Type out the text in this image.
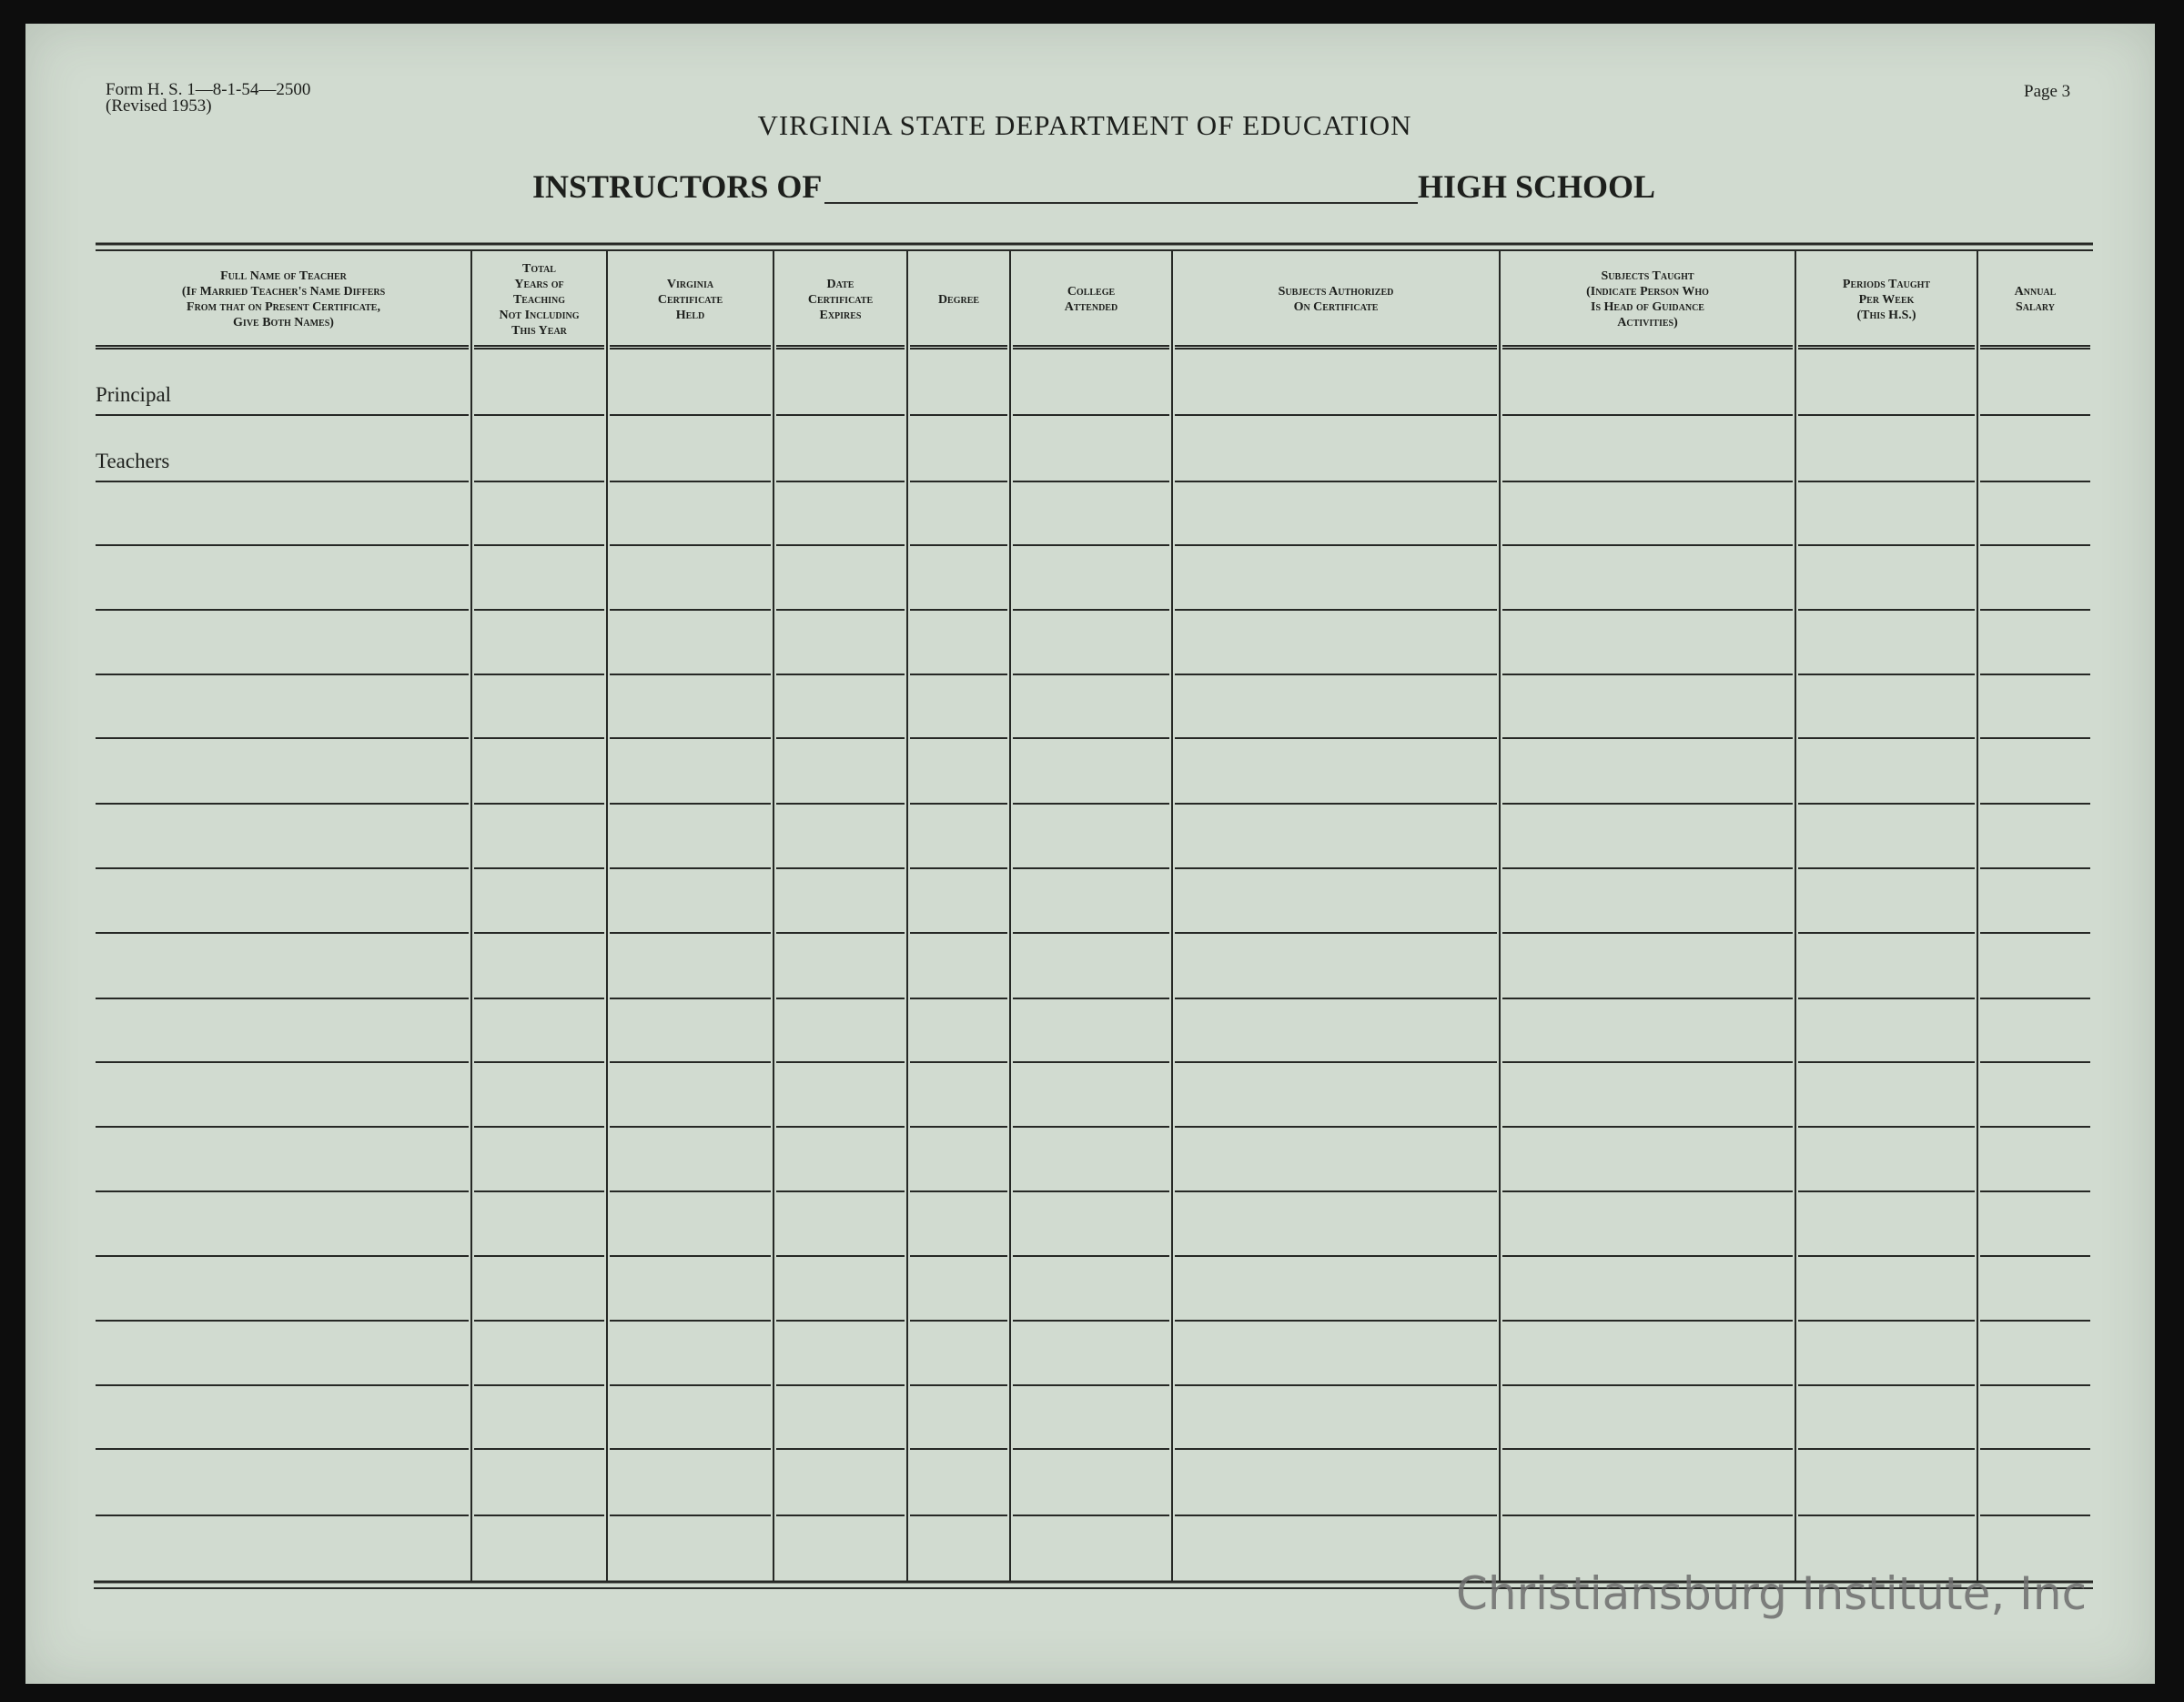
Form H. S. 1—8-1-54—2500
(Revised 1953)
Page 3
VIRGINIA STATE DEPARTMENT OF EDUCATION
INSTRUCTORS OF	HIGH SCHOOL
Full Name of Teacher
(If Married Teacher's Name Differs
From that on Present Certificate,
Give Both Names)
Total
Years of
Teaching
Not Including
This Year
Virginia
Certificate
Held
Date
Certificate
Expires
Degree
College
Attended
Subjects Authorized
On Certificate
Subjects Taught
(Indicate Person Who
Is Head of Guidance
Activities)
Periods Taught
Per Week
(This H.S.)
Annual
Salary
Principal
Teachers
Christiansburg Institute, Inc
